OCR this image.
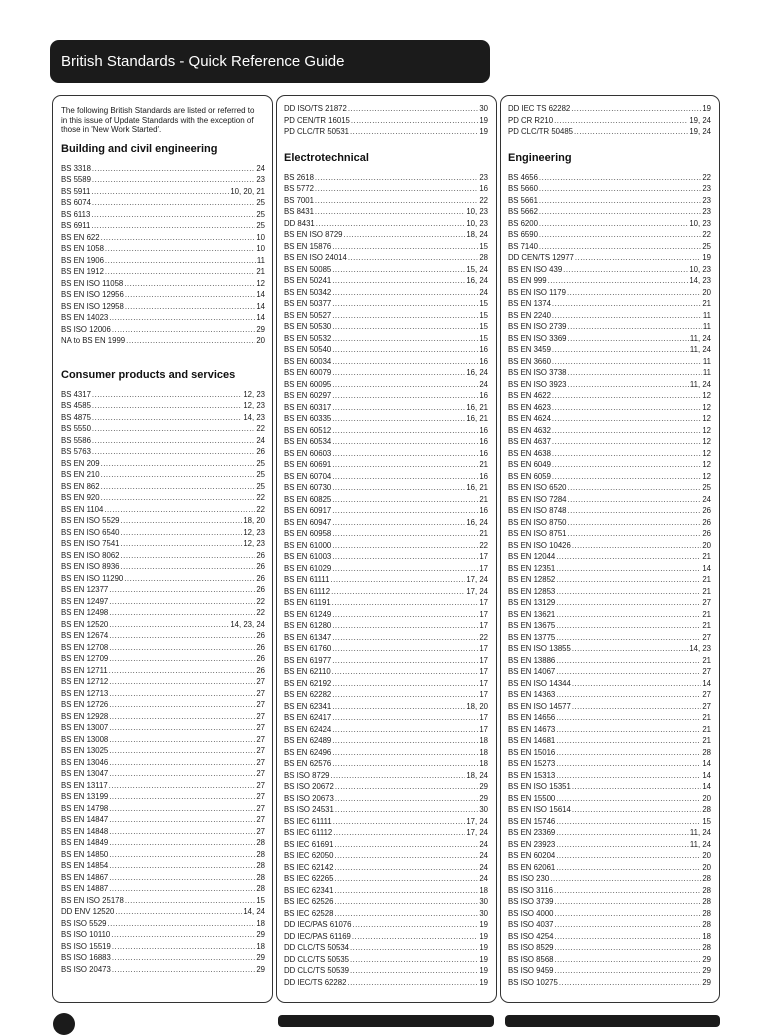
British Standards - Quick Reference Guide

The following British Standards are listed or referred to in this issue of Update Standards with the exception of those in 'New Work Started'.

Building and civil engineering
BS 3318 .....	24
BS 5589 .....	23
BS 5911 .....	10, 20, 21
BS 6074 .....	25
BS 6113 .....	25
BS 6911 .....	25
BS EN 622 .....	10
BS EN 1058 .....	10
BS EN 1906 .....	11
BS EN 1912 .....	21
BS EN ISO 11058 .....	12
BS EN ISO 12956 .....	14
BS EN ISO 12958 .....	14
BS EN 14023 .....	14
BS ISO 12006 .....	29
NA to BS EN 1999 .....	20
Consumer products and services
BS 4317 .....	12, 23
BS 4585 .....	12, 23
BS 4875 .....	14, 23
BS 5550 .....	22
BS 5586 .....	24
BS 5763 .....	26
BS EN 209 .....	25
BS EN 210 .....	25
BS EN 862 .....	25
BS EN 920 .....	22
BS EN 1104 .....	22
BS EN ISO 5529 .....	18, 20
BS EN ISO 6540 .....	12, 23
BS EN ISO 7541 .....	12, 23
BS EN ISO 8062 .....	26
BS EN ISO 8936 .....	26
BS EN ISO 11290 .....	26
BS EN 12377 .....	26
BS EN 12497 .....	22
BS EN 12498 .....	22
BS EN 12520 .....	14, 23, 24
BS EN 12674 .....	26
BS EN 12708 .....	26
BS EN 12709 .....	26
BS EN 12711 .....	26
BS EN 12712 .....	27
BS EN 12713 .....	27
BS EN 12726 .....	27
BS EN 12928 .....	27
BS EN 13007 .....	27
BS EN 13008 .....	27
BS EN 13025 .....	27
BS EN 13046 .....	27
BS EN 13047 .....	27
BS EN 13117 .....	27
BS EN 13199 .....	27
BS EN 14798 .....	27
BS EN 14847 .....	27
BS EN 14848 .....	27
BS EN 14849 .....	28
BS EN 14850 .....	28
BS EN 14854 .....	28
BS EN 14867 .....	28
BS EN 14887 .....	28
BS EN ISO 25178 .....	15
DD ENV 12520 .....	14, 24
BS ISO 5529 .....	18
BS ISO 10110 .....	29
BS ISO 15519 .....	18
BS ISO 16883 .....	29
BS ISO 20473 .....	29
DD ISO/TS 21872 .....	30
PD CEN/TR 16015 .....	19
PD CLC/TR 50531 .....	19
Electrotechnical
BS 2618 .....	23
BS 5772 .....	16
BS 7001 .....	22
BS 8431 .....	10, 23
DD 8431 .....	10, 23
BS EN ISO 8729 .....	18, 24
BS EN 15876 .....	15
BS EN ISO 24014 .....	28
BS EN 50085 .....	15, 24
BS EN 50241 .....	16, 24
BS EN 50342 .....	24
BS EN 50377 .....	15
BS EN 50527 .....	15
BS EN 50530 .....	15
BS EN 50532 .....	15
BS EN 50540 .....	16
BS EN 60034 .....	16
BS EN 60079 .....	16, 24
BS EN 60095 .....	24
BS EN 60297 .....	16
BS EN 60317 .....	16, 21
BS EN 60335 .....	16, 21
BS EN 60512 .....	16
BS EN 60534 .....	16
BS EN 60603 .....	16
BS EN 60691 .....	21
BS EN 60704 .....	16
BS EN 60730 .....	16, 21
BS EN 60825 .....	21
BS EN 60917 .....	16
BS EN 60947 .....	16, 24
BS EN 60958 .....	21
BS EN 61000 .....	22
BS EN 61003 .....	17
BS EN 61029 .....	17
BS EN 61111 .....	17, 24
BS EN 61112 .....	17, 24
BS EN 61191 .....	17
BS EN 61249 .....	17
BS EN 61280 .....	17
BS EN 61347 .....	22
BS EN 61760 .....	17
BS EN 61977 .....	17
BS EN 62110 .....	17
BS EN 62192 .....	17
BS EN 62282 .....	17
BS EN 62341 .....	18, 20
BS EN 62417 .....	17
BS EN 62424 .....	17
BS EN 62489 .....	18
BS EN 62496 .....	18
BS EN 62576 .....	18
BS ISO 8729 .....	18, 24
BS ISO 20672 .....	29
BS ISO 20673 .....	29
BS ISO 24531 .....	30
BS IEC 61111 .....	17, 24
BS IEC 61112 .....	17, 24
BS IEC 61691 .....	24
BS IEC 62050 .....	24
BS IEC 62142 .....	24
BS IEC 62265 .....	24
BS IEC 62341 .....	18
BS IEC 62526 .....	30
BS IEC 62528 .....	30
DD IEC/PAS 61076 .....	19
DD IEC/PAS 61169 .....	19
DD CLC/TS 50534 .....	19
DD CLC/TS 50535 .....	19
DD CLC/TS 50539 .....	19
DD IEC/TS 62282 .....	19
DD IEC TS 62282 .....	19
PD CR R210 .....	19, 24
PD CLC/TR 50485 .....	19, 24
Engineering
BS 4656 .....	22
BS 5660 .....	23
BS 5661 .....	23
BS 5662 .....	23
BS 6200 .....	10, 23
BS 6590 .....	22
BS 7140 .....	25
DD CEN/TS 12977 .....	19
BS EN ISO 439 .....	10, 23
BS EN 999 .....	14, 23
BS EN ISO 1179 .....	20
BS EN 1374 .....	21
BS EN 2240 .....	11
BS EN ISO 2739 .....	11
BS EN ISO 3369 .....	11, 24
BS EN 3459 .....	11, 24
BS EN 3660 .....	11
BS EN ISO 3738 .....	11
BS EN ISO 3923 .....	11, 24
BS EN 4622 .....	12
BS EN 4623 .....	12
BS EN 4624 .....	12
BS EN 4632 .....	12
BS EN 4637 .....	12
BS EN 4638 .....	12
BS EN 6049 .....	12
BS EN 6059 .....	12
BS EN ISO 6520 .....	25
BS EN ISO 7284 .....	24
BS EN ISO 8748 .....	26
BS EN ISO 8750 .....	26
BS EN ISO 8751 .....	26
BS EN ISO 10426 .....	20
BS EN 12044 .....	21
BS EN 12351 .....	14
BS EN 12852 .....	21
BS EN 12853 .....	21
BS EN 13129 .....	27
BS EN 13621 .....	21
BS EN 13675 .....	21
BS EN 13775 .....	27
BS EN ISO 13855 .....	14, 23
BS EN 13886 .....	21
BS EN 14067 .....	27
BS EN ISO 14344 .....	14
BS EN 14363 .....	27
BS EN ISO 14577 .....	27
BS EN 14656 .....	21
BS EN 14673 .....	21
BS EN 14681 .....	21
BS EN 15016 .....	28
BS EN 15273 .....	14
BS EN 15313 .....	14
BS EN ISO 15351 .....	14
BS EN 15500 .....	20
BS EN ISO 15614 .....	28
BS EN 15746 .....	15
BS EN 23369 .....	11, 24
BS EN 23923 .....	11, 24
BS EN 60204 .....	20
BS EN 62061 .....	20
BS ISO 230 .....	28
BS ISO 3116 .....	28
BS ISO 3739 .....	28
BS ISO 4000 .....	28
BS ISO 4037 .....	28
BS ISO 4254 .....	18
BS ISO 8529 .....	28
BS ISO 8568 .....	29
BS ISO 9459 .....	29
BS ISO 10275 .....	29
